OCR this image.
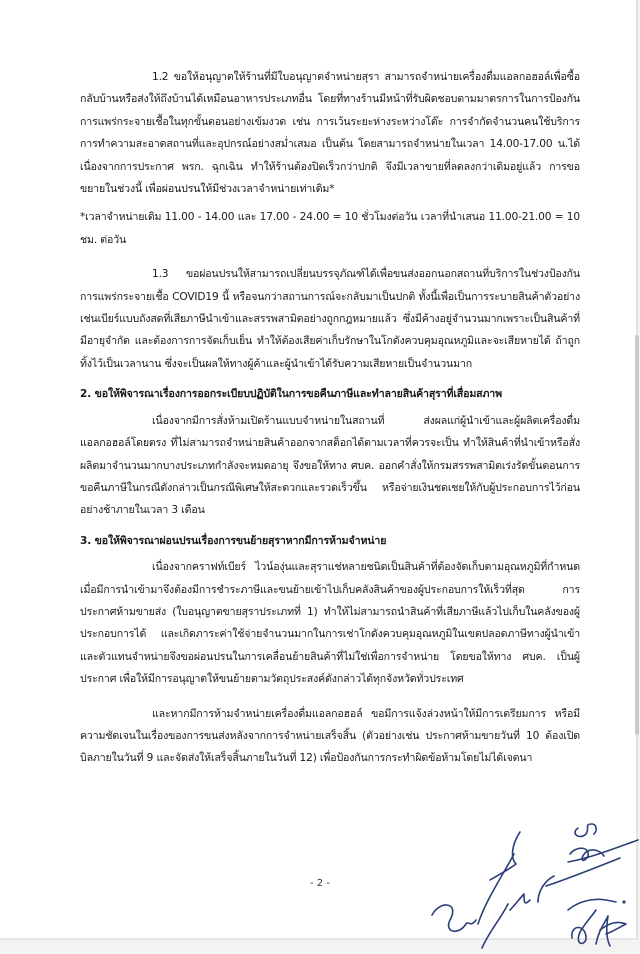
1.2 ขอให้อนุญาตให้ร้านที่มีใบอนุญาตจำหน่ายสุรา สามารถจำหน่ายเครื่องดื่มแอลกอฮอล์เพื่อซื้อกลับบ้านหรือส่งให้ถึงบ้านได้เหมือนอาหารประเภทอื่น โดยที่ทางร้านมีหน้าที่รับผิดชอบตามมาตรการในการป้องกันการแพร่กระจายเชื้อในทุกขั้นตอนอย่างเข้มงวด เช่น การเว้นระยะห่างระหว่างโต๊ะ การจำกัดจำนวนคนใช้บริการ การทำความสะอาดสถานที่และอุปกรณ์อย่างสม่ำเสมอ เป็นต้น โดยสามารถจำหน่ายในเวลา 14.00-17.00 น.ได้ เนื่องจากการประกาศ พรก. ฉุกเฉิน ทำให้ร้านต้องปิดเร็วกว่าปกติ จึงมีเวลาขายที่ลดลงกว่าเดิมอยู่แล้ว การขอขยายในช่วงนี้ เพื่อผ่อนปรนให้มีช่วงเวลาจำหน่ายเท่าเดิม*

*เวลาจำหน่ายเดิม 11.00 - 14.00 และ 17.00 - 24.00 = 10 ชั่วโมงต่อวัน เวลาที่นำเสนอ 11.00-21.00 = 10 ชม. ต่อวัน

1.3 ขอผ่อนปรนให้สามารถเปลี่ยนบรรจุภัณฑ์ได้เพื่อขนส่งออกนอกสถานที่บริการในช่วงป้องกันการแพร่กระจายเชื้อ COVID19 นี้ หรือจนกว่าสถานการณ์จะกลับมาเป็นปกติ ทั้งนี้เพื่อเป็นการระบายสินค้าตัวอย่างเช่นเบียร์แบบถังสดที่เสียภาษีนำเข้าและสรรพสามิตอย่างถูกกฎหมายแล้ว ซึ่งมีค้างอยู่จำนวนมากเพราะเป็นสินค้าที่มีอายุจำกัด และต้องการการจัดเก็บเย็น ทำให้ต้องเสียค่าเก็บรักษาในโกดังควบคุมอุณหภูมิและจะเสียหายได้ ถ้าถูกทิ้งไว้เป็นเวลานาน ซึ่งจะเป็นผลให้ทางผู้ค้าและผู้นำเข้าได้รับความเสียหายเป็นจำนวนมาก

2. ขอให้พิจารณาเรื่องการออกระเบียบปฏิบัติในการขอคืนภาษีและทำลายสินค้าสุราที่เสื่อมสภาพ

เนื่องจากมีการสั่งห้ามเปิดร้านแบบจำหน่ายในสถานที่ ส่งผลแก่ผู้นำเข้าและผู้ผลิตเครื่องดื่มแอลกอฮอล์โดยตรง ที่ไม่สามารถจำหน่ายสินค้าออกจากสต็อกได้ตามเวลาที่ควรจะเป็น ทำให้สินค้าที่นำเข้าหรือสั่งผลิตมาจำนวนมากบางประเภทกำลังจะหมดอายุ จึงขอให้ทาง ศบค. ออกคำสั่งให้กรมสรรพสามิตเร่งรัดขั้นตอนการขอคืนภาษีในกรณีดังกล่าวเป็นกรณีพิเศษให้สะดวกและรวดเร็วขึ้น หรือจ่ายเงินชดเชยให้กับผู้ประกอบการไว้ก่อน อย่างช้าภายในเวลา 3 เดือน

3. ขอให้พิจารณาผ่อนปรนเรื่องการขนย้ายสุราหากมีการห้ามจำหน่าย

เนื่องจากคราฟท์เบียร์ ไวน์องุ่นและสุราแช่หลายชนิดเป็นสินค้าที่ต้องจัดเก็บตามอุณหภูมิที่กำหนด เมื่อมีการนำเข้ามาจึงต้องมีการชำระภาษีและขนย้ายเข้าไปเก็บคลังสินค้าของผู้ประกอบการให้เร็วที่สุด การประกาศห้ามขายส่ง (ใบอนุญาตขายสุราประเภทที่ 1) ทำให้ไม่สามารถนำสินค้าที่เสียภาษีแล้วไปเก็บในคลังของผู้ประกอบการได้ และเกิดภาระค่าใช้จ่ายจำนวนมากในการเช่าโกดังควบคุมอุณหภูมิในเขตปลอดภาษีทางผู้นำเข้าและตัวแทนจำหน่ายจึงขอผ่อนปรนในการเคลื่อนย้ายสินค้าที่ไม่ใช่เพื่อการจำหน่าย โดยขอให้ทาง ศบค. เป็นผู้ประกาศ เพื่อให้มีการอนุญาตให้ขนย้ายตามวัตถุประสงค์ดังกล่าวได้ทุกจังหวัดทั่วประเทศ

และหากมีการห้ามจำหน่ายเครื่องดื่มแอลกอฮอล์ ขอมีการแจ้งล่วงหน้าให้มีการเตรียมการ หรือมีความชัดเจนในเรื่องของการขนส่งหลังจากการจำหน่ายเสร็จสิ้น (ตัวอย่างเช่น ประกาศห้ามขายวันที่ 10 ต้องเปิดบิลภายในวันที่ 9 และจัดส่งให้เสร็จสิ้นภายในวันที่ 12) เพื่อป้องกันการกระทำผิดข้อห้ามโดยไม่ได้เจตนา

- 2 -
